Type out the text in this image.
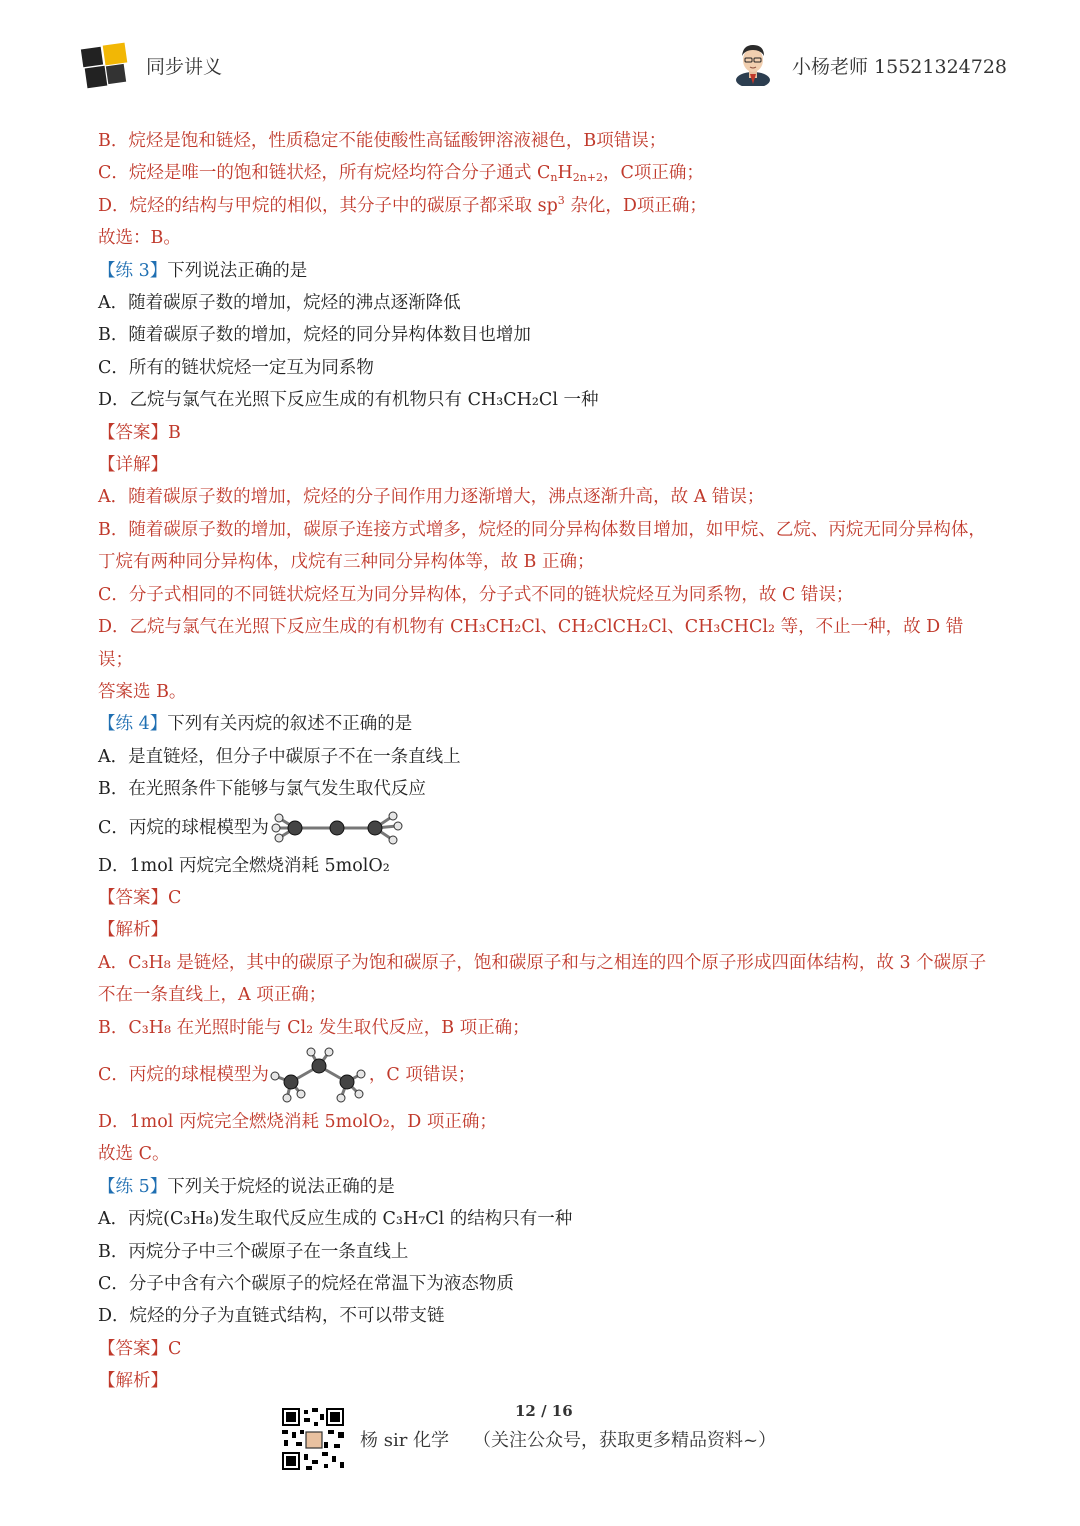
同步讲义	小杨老师 15521324728
B．烷烃是饱和链烃，性质稳定不能使酸性高锰酸钾溶液褪色，B项错误；
C．烷烃是唯一的饱和链状烃，所有烷烃均符合分子通式 $C_nH_{2n+2}$，C项正确；
D．烷烃的结构与甲烷的相似，其分子中的碳原子都采取 $sp^3$ 杂化，D项正确；
故选：B。
【练 3】下列说法正确的是
A．随着碳原子数的增加，烷烃的沸点逐渐降低
B．随着碳原子数的增加，烷烃的同分异构体数目也增加
C．所有的链状烷烃一定互为同系物
D．乙烷与氯气在光照下反应生成的有机物只有 CH₃CH₂Cl 一种
【答案】B
【详解】
A．随着碳原子数的增加，烷烃的分子间作用力逐渐增大，沸点逐渐升高，故 A 错误；
B．随着碳原子数的增加，碳原子连接方式增多，烷烃的同分异构体数目增加，如甲烷、乙烷、丙烷无同分异构体，丁烷有两种同分异构体，戊烷有三种同分异构体等，故 B 正确；
C．分子式相同的不同链状烷烃互为同分异构体，分子式不同的链状烷烃互为同系物，故 C 错误；
D．乙烷与氯气在光照下反应生成的有机物有 CH₃CH₂Cl、CH₂ClCH₂Cl、CH₃CHCl₂ 等，不止一种，故 D 错误；
答案选 B。
【练 4】下列有关丙烷的叙述不正确的是
A．是直链烃，但分子中碳原子不在一条直线上
B．在光照条件下能够与氯气发生取代反应
C．丙烷的球棍模型为
D．1mol 丙烷完全燃烧消耗 5molO₂
【答案】C
【解析】
A．C₃H₈ 是链烃，其中的碳原子为饱和碳原子，饱和碳原子和与之相连的四个原子形成四面体结构，故 3 个碳原子不在一条直线上，A 项正确；
B．C₃H₈ 在光照时能与 Cl₂ 发生取代反应，B 项正确；
C．丙烷的球棍模型为	，C 项错误；
D．1mol 丙烷完全燃烧消耗 5molO₂，D 项正确；
故选 C。
【练 5】下列关于烷烃的说法正确的是
A．丙烷(C₃H₈)发生取代反应生成的 C₃H₇Cl 的结构只有一种
B．丙烷分子中三个碳原子在一条直线上
C．分子中含有六个碳原子的烷烃在常温下为液态物质
D．烷烃的分子为直链式结构，不可以带支链
【答案】C
【解析】
12 / 16
杨 sir 化学 （关注公众号，获取更多精品资料~）
